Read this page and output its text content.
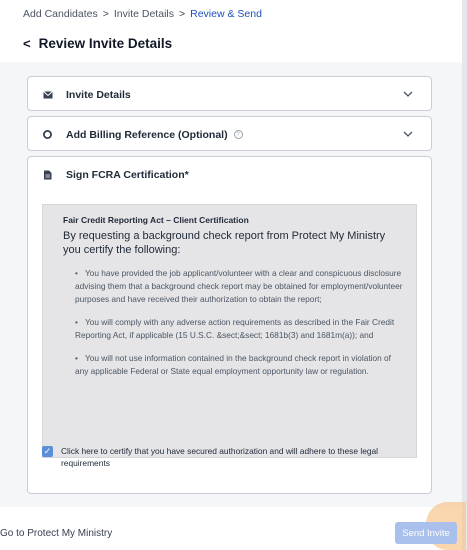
Add Candidates > Invite Details > Review & Send
< Review Invite Details
Invite Details
Add Billing Reference (Optional)	?
Sign FCRA Certification*
Fair Credit Reporting Act – Client Certification
By requesting a background check report from Protect My Ministry you certify the following:
• You have provided the job applicant/volunteer with a clear and conspicuous disclosure advising them that a background check report may be obtained for employment/volunteer purposes and have received their authorization to obtain the report;
• You will comply with any adverse action requirements as described in the Fair Credit Reporting Act, if applicable (15 U.S.C. &sect;&sect; 1681b(3) and 1681m(a)); and
• You will not use information contained in the background check report in violation of any applicable Federal or State equal employment opportunity law or regulation.
✓ Click here to certify that you have secured authorization and will adhere to these legal requirements
Go to Protect My Ministry	Send Invite
